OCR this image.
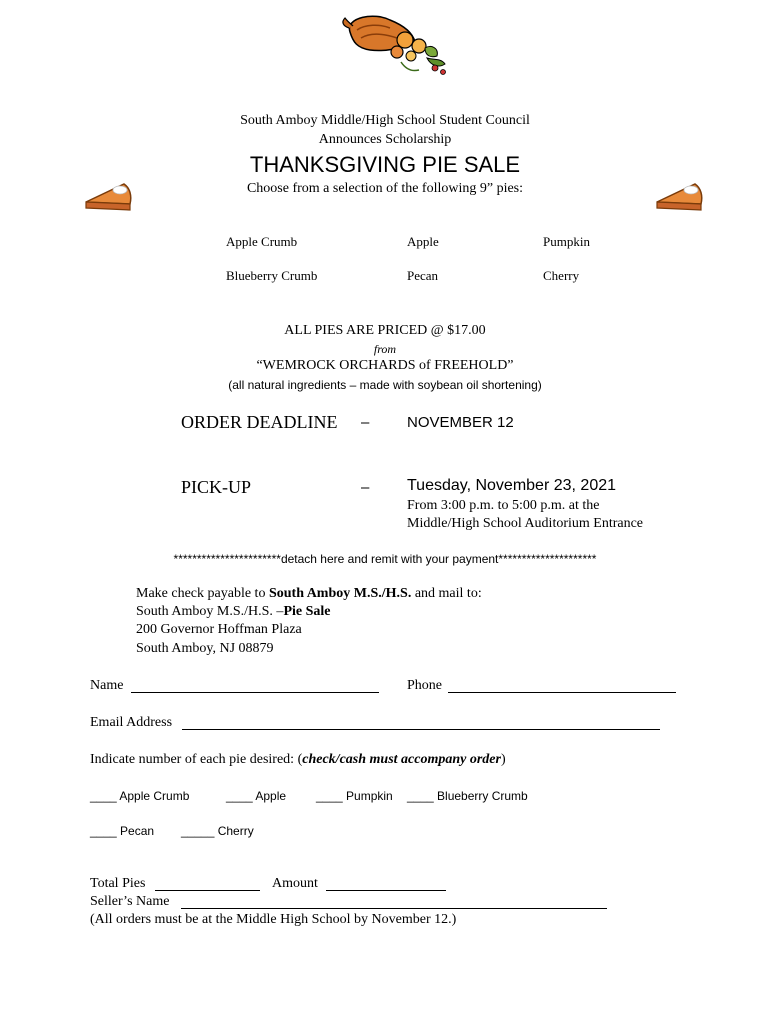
South Amboy Middle/High School Student Council
Announces Scholarship
THANKSGIVING PIE SALE
Choose from a selection of the following 9” pies:
Apple Crumb	Apple	Pumpkin
Blueberry Crumb	Pecan	Cherry
ALL PIES ARE PRICED @ $17.00
from
“WEMROCK ORCHARDS of FREEHOLD”
(all natural ingredients – made with soybean oil shortening)
ORDER DEADLINE –	NOVEMBER 12
PICK-UP	– Tuesday, November 23, 2021
From 3:00 p.m. to 5:00 p.m. at the
Middle/High School Auditorium Entrance
***********************detach here and remit with your payment*********************
Make check payable to South Amboy M.S./H.S. and mail to:
South Amboy M.S./H.S. –Pie Sale
200 Governor Hoffman Plaza
South Amboy, NJ 08879
Name	Phone
Email Address
Indicate number of each pie desired: (check/cash must accompany order)
____ Apple Crumb	____ Apple ____ Pumpkin ____ Blueberry Crumb
____ Pecan _____ Cherry
Total Pies	Amount
Seller’s Name
(All orders must be at the Middle High School by November 12.)
